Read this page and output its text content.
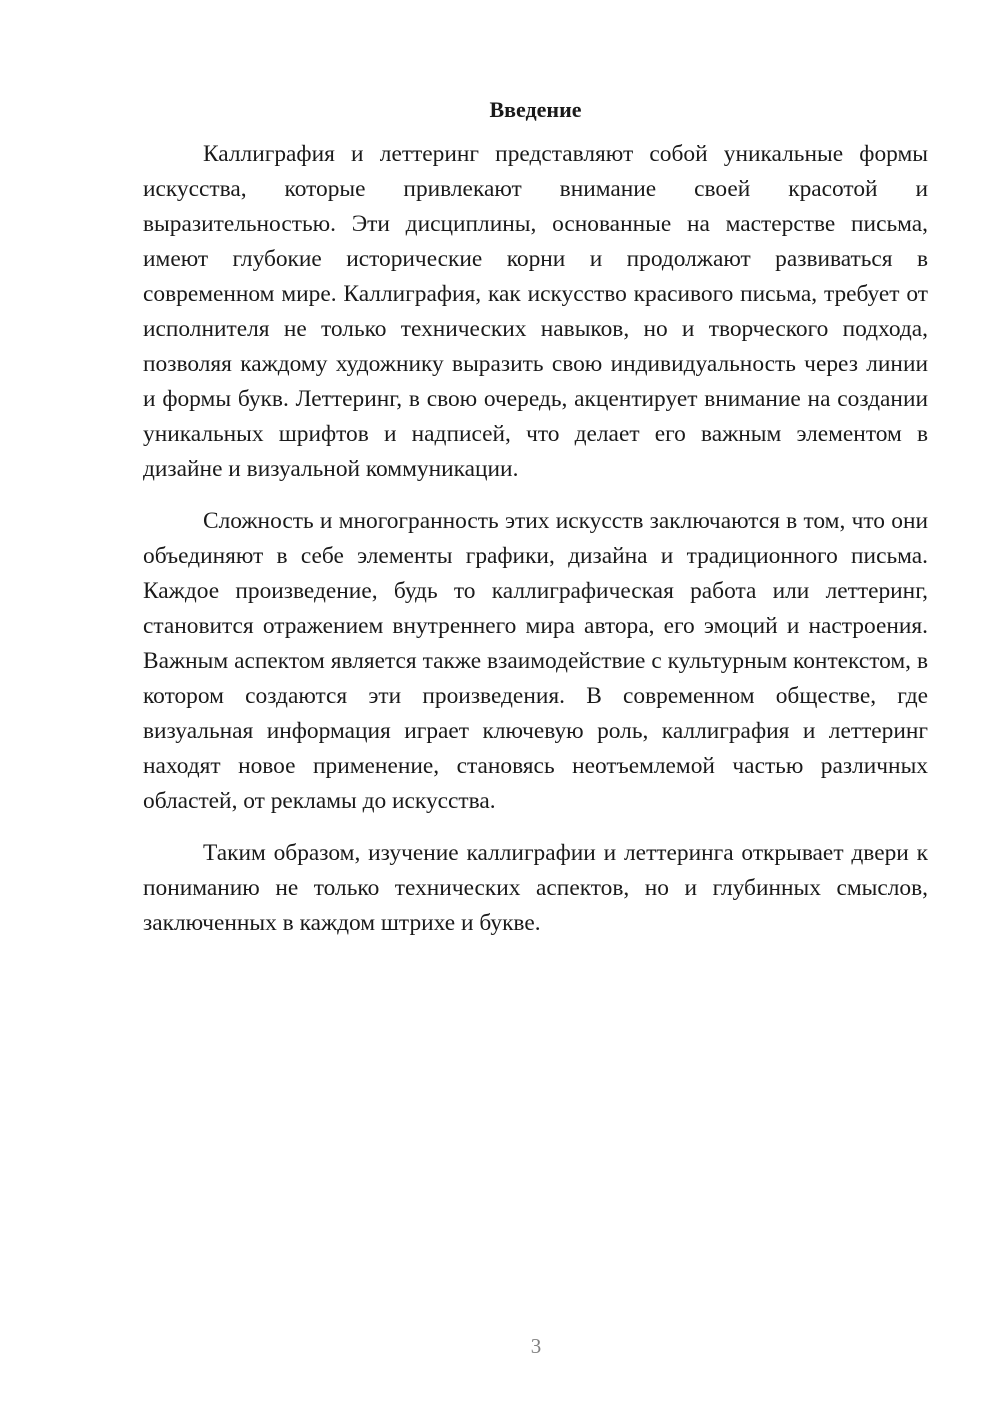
Введение

Каллиграфия и леттеринг представляют собой уникальные формы искусства, которые привлекают внимание своей красотой и выразительностью. Эти дисциплины, основанные на мастерстве письма, имеют глубокие исторические корни и продолжают развиваться в современном мире. Каллиграфия, как искусство красивого письма, требует от исполнителя не только технических навыков, но и творческого подхода, позволяя каждому художнику выразить свою индивидуальность через линии и формы букв. Леттеринг, в свою очередь, акцентирует внимание на создании уникальных шрифтов и надписей, что делает его важным элементом в дизайне и визуальной коммуникации.

Сложность и многогранность этих искусств заключаются в том, что они объединяют в себе элементы графики, дизайна и традиционного письма. Каждое произведение, будь то каллиграфическая работа или леттеринг, становится отражением внутреннего мира автора, его эмоций и настроения. Важным аспектом является также взаимодействие с культурным контекстом, в котором создаются эти произведения. В современном обществе, где визуальная информация играет ключевую роль, каллиграфия и леттеринг находят новое применение, становясь неотъемлемой частью различных областей, от рекламы до искусства.

Таким образом, изучение каллиграфии и леттеринга открывает двери к пониманию не только технических аспектов, но и глубинных смыслов, заключенных в каждом штрихе и букве.

3
